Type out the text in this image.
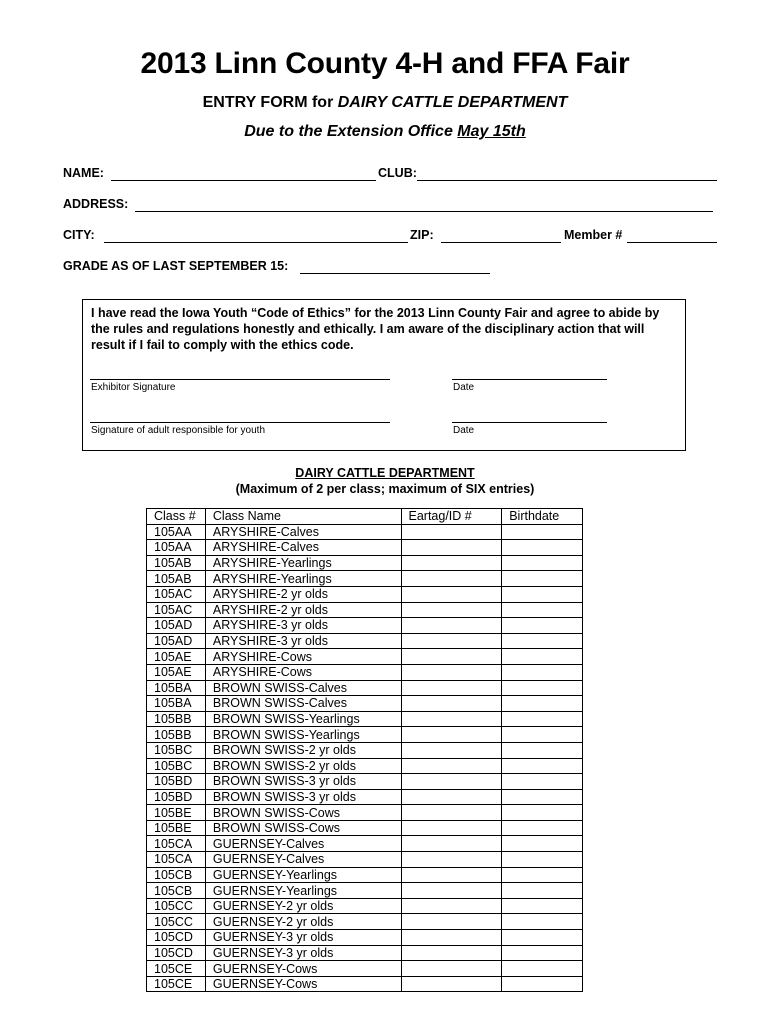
2013 Linn County 4-H and FFA Fair
ENTRY FORM for DAIRY CATTLE DEPARTMENT
Due to the Extension Office May 15th
NAME:	CLUB:
ADDRESS:
CITY:	ZIP:	Member #
GRADE AS OF LAST SEPTEMBER 15:
I have read the Iowa Youth “Code of Ethics” for the 2013 Linn County Fair and agree to abide by the rules and regulations honestly and ethically. I am aware of the disciplinary action that will result if I fail to comply with the ethics code.
Exhibitor Signature	Date
Signature of adult responsible for youth	Date
DAIRY CATTLE DEPARTMENT
(Maximum of 2 per class; maximum of SIX entries)
Class #	Class Name	Eartag/ID #	Birthdate
105AA	ARYSHIRE-Calves		
105AA	ARYSHIRE-Calves		
105AB	ARYSHIRE-Yearlings		
105AB	ARYSHIRE-Yearlings		
105AC	ARYSHIRE-2 yr olds		
105AC	ARYSHIRE-2 yr olds		
105AD	ARYSHIRE-3 yr olds		
105AD	ARYSHIRE-3 yr olds		
105AE	ARYSHIRE-Cows		
105AE	ARYSHIRE-Cows		
105BA	BROWN SWISS-Calves		
105BA	BROWN SWISS-Calves		
105BB	BROWN SWISS-Yearlings		
105BB	BROWN SWISS-Yearlings		
105BC	BROWN SWISS-2 yr olds		
105BC	BROWN SWISS-2 yr olds		
105BD	BROWN SWISS-3 yr olds		
105BD	BROWN SWISS-3 yr olds		
105BE	BROWN SWISS-Cows		
105BE	BROWN SWISS-Cows		
105CA	GUERNSEY-Calves		
105CA	GUERNSEY-Calves		
105CB	GUERNSEY-Yearlings		
105CB	GUERNSEY-Yearlings		
105CC	GUERNSEY-2 yr olds		
105CC	GUERNSEY-2 yr olds		
105CD	GUERNSEY-3 yr olds		
105CD	GUERNSEY-3 yr olds		
105CE	GUERNSEY-Cows		
105CE	GUERNSEY-Cows		
